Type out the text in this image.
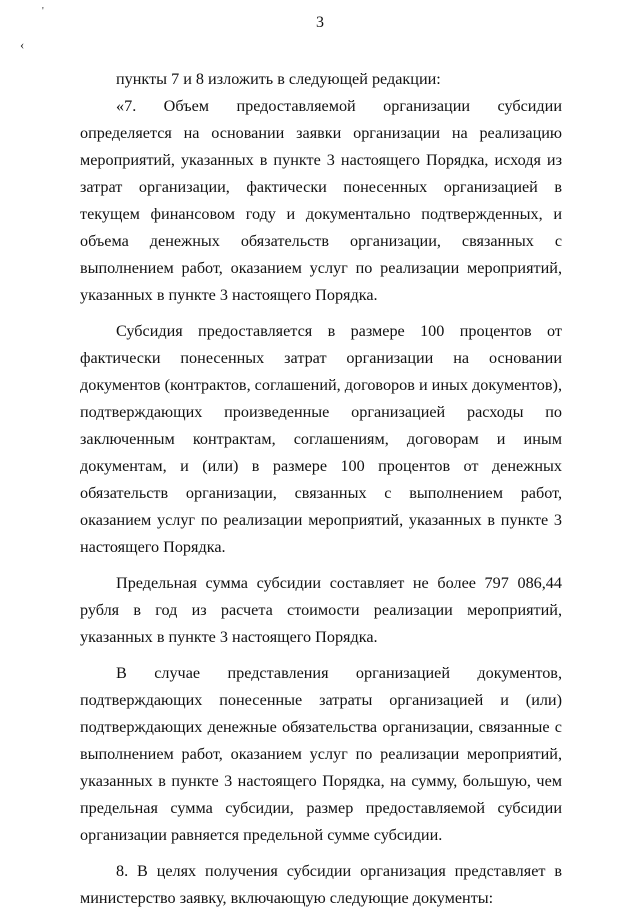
'
‹
3

пункты 7 и 8 изложить в следующей редакции:

«7. Объем предоставляемой организации субсидии определяется на основании заявки организации на реализацию мероприятий, указанных в пункте 3 настоящего Порядка, исходя из затрат организации, фактически понесенных организацией в текущем финансовом году и документально подтвержденных, и объема денежных обязательств организации, связанных с выполнением работ, оказанием услуг по реализации мероприятий, указанных в пункте 3 настоящего Порядка.

Субсидия предоставляется в размере 100 процентов от фактически понесенных затрат организации на основании документов (контрактов, соглашений, договоров и иных документов), подтверждающих произведенные организацией расходы по заключенным контрактам, соглашениям, договорам и иным документам, и (или) в размере 100 процентов от денежных обязательств организации, связанных с выполнением работ, оказанием услуг по реализации мероприятий, указанных в пункте 3 настоящего Порядка.

Предельная сумма субсидии составляет не более 797 086,44 рубля в год из расчета стоимости реализации мероприятий, указанных в пункте 3 настоящего Порядка.

В случае представления организацией документов, подтверждающих понесенные затраты организацией и (или) подтверждающих денежные обязательства организации, связанные с выполнением работ, оказанием услуг по реализации мероприятий, указанных в пункте 3 настоящего Порядка, на сумму, большую, чем предельная сумма субсидии, размер предоставляемой субсидии организации равняется предельной сумме субсидии.

8. В целях получения субсидии организация представляет в министерство заявку, включающую следующие документы:
